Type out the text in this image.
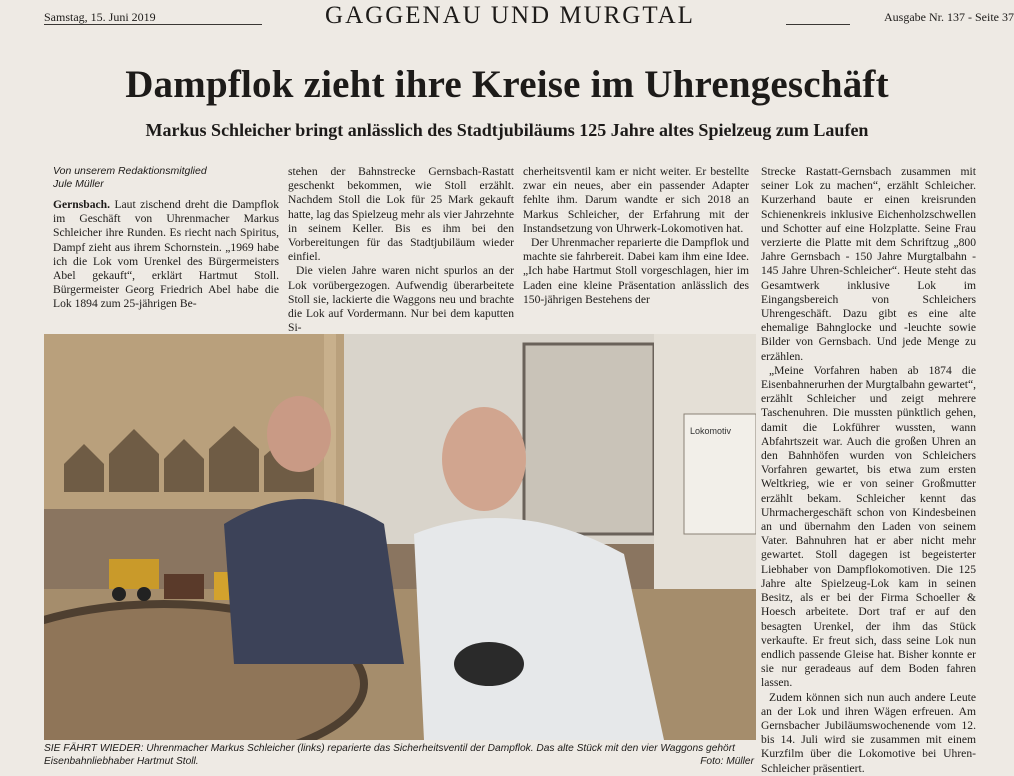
Samstag, 15. Juni 2019	GAGGENAU UND MURGTAL	Ausgabe Nr. 137 - Seite 37
Dampflok zieht ihre Kreise im Uhrengeschäft
Markus Schleicher bringt anlässlich des Stadtjubiläums 125 Jahre altes Spielzeug zum Laufen
Von unserem Redaktionsmitglied
Jule Müller

Gernsbach. Laut zischend dreht die Dampflok im Geschäft von Uhrenmacher Markus Schleicher ihre Runden. Es riecht nach Spiritus, Dampf zieht aus ihrem Schornstein. „1969 habe ich die Lok vom Urenkel des Bürgermeisters Abel gekauft“, erklärt Hartmut Stoll. Bürgermeister Georg Friedrich Abel habe die Lok 1894 zum 25-jährigen Be-

stehen der Bahnstrecke Gernsbach-Rastatt geschenkt bekommen, wie Stoll erzählt. Nachdem Stoll die Lok für 25 Mark gekauft hatte, lag das Spielzeug mehr als vier Jahrzehnte in seinem Keller. Bis es ihm bei den Vorbereitungen für das Stadtjubiläum wieder einfiel.

Die vielen Jahre waren nicht spurlos an der Lok vorübergezogen. Aufwendig überarbeitete Stoll sie, lackierte die Waggons neu und brachte die Lok auf Vordermann. Nur bei dem kaputten Si-

cherheitsventil kam er nicht weiter. Er bestellte zwar ein neues, aber ein passender Adapter fehlte ihm. Darum wandte er sich 2018 an Markus Schleicher, der Erfahrung mit der Instandsetzung von Uhrwerk-Lokomotiven hat.

Der Uhrenmacher reparierte die Dampflok und machte sie fahrbereit. Dabei kam ihm eine Idee. „Ich habe Hartmut Stoll vorgeschlagen, hier im Laden eine kleine Präsentation anlässlich des 150-jährigen Bestehens der

Strecke Rastatt-Gernsbach zusammen mit seiner Lok zu machen“, erzählt Schleicher. Kurzerhand baute er einen kreisrunden Schienenkreis inklusive Eichenholzschwellen und Schotter auf eine Holzplatte. Seine Frau verzierte die Platte mit dem Schriftzug „800 Jahre Gernsbach - 150 Jahre Murgtalbahn - 145 Jahre Uhren-Schleicher“. Heute steht das Gesamtwerk inklusive Lok im Eingangsbereich von Schleichers Uhrengeschäft. Dazu gibt es eine alte ehemalige Bahnglocke und -leuchte sowie Bilder von Gernsbach. Und jede Menge zu erzählen.

„Meine Vorfahren haben ab 1874 die Eisenbahnerurhen der Murgtalbahn gewartet“, erzählt Schleicher und zeigt mehrere Taschenuhren. Die mussten pünktlich gehen, damit die Lokführer wussten, wann Abfahrtszeit war. Auch die großen Uhren an den Bahnhöfen wurden von Schleichers Vorfahren gewartet, bis etwa zum ersten Weltkrieg, wie er von seiner Großmutter erzählt bekam. Schleicher kennt das Uhrmachergeschäft schon von Kindesbeinen an und übernahm den Laden von seinem Vater. Bahnuhren hat er aber nicht mehr gewartet. Stoll dagegen ist begeisterter Liebhaber von Dampflokomotiven. Die 125 Jahre alte Spielzeug-Lok kam in seinen Besitz, als er bei der Firma Schoeller & Hoesch arbeitete. Dort traf er auf den besagten Urenkel, der ihm das Stück verkaufte. Er freut sich, dass seine Lok nun endlich passende Gleise hat. Bisher konnte er sie nur geradeaus auf dem Boden fahren lassen.

Zudem können sich nun auch andere Leute an der Lok und ihren Wägen erfreuen. Am Gernsbacher Jubiläumswochenende vom 12. bis 14. Juli wird sie zusammen mit einem Kurzfilm über die Lokomotive bei Uhren-Schleicher präsentiert.

Lokomotiv
SIE FÄHRT WIEDER: Uhrenmacher Markus Schleicher (links) reparierte das Sicherheitsventil der Dampflok. Das alte Stück mit den vier Waggons gehört Eisenbahnliebhaber Hartmut Stoll.	Foto: Müller
